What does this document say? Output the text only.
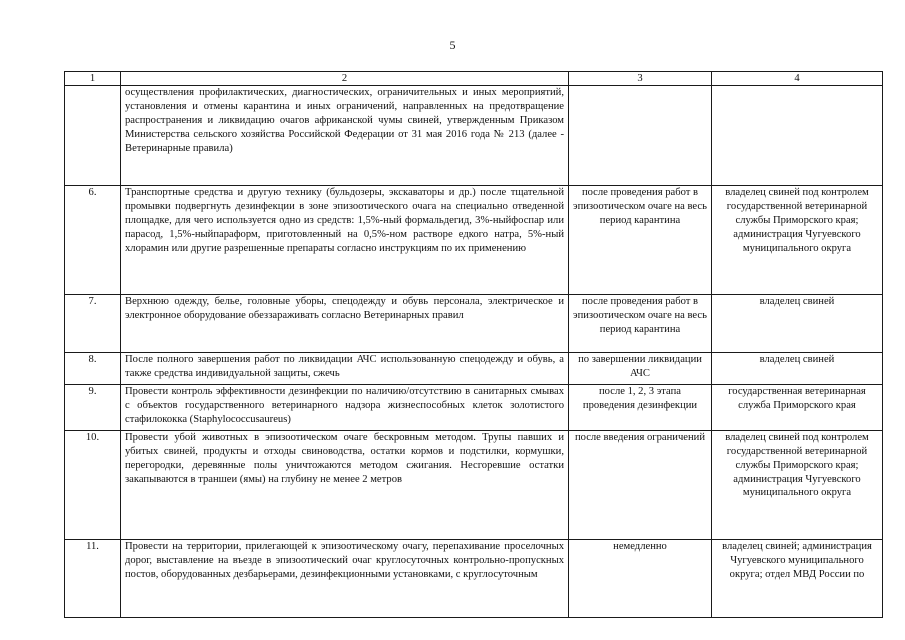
5
1	2	3	4
	осуществления профилактических, диагностических, ограничительных и иных мероприятий, установления и отмены карантина и иных ограничений, направленных на предотвращение распространения и ликвидацию очагов африканской чумы свиней, утвержденным Приказом Министерства сельского хозяйства Российской Федерации от 31 мая 2016 года № 213 (далее - Ветеринарные правила)		
6.	Транспортные средства и другую технику (бульдозеры, экскаваторы и др.) после тщательной промывки подвергнуть дезинфекции в зоне эпизоотического очага на специально отведенной площадке, для чего используется одно из средств: 1,5%-ный формальдегид, 3%-ныйфоспар или парасод, 1,5%-ныйпараформ, приготовленный на 0,5%-ном растворе едкого натра, 5%-ный хлорамин или другие разрешенные препараты согласно инструкциям по их применению	после проведения работ в эпизоотическом очаге на весь период карантина	владелец свиней под контролем государственной ветеринарной службы Приморского края; администрация Чугуевского муниципального округа
7.	Верхнюю одежду, белье, головные уборы, спецодежду и обувь персонала, электрическое и электронное оборудование обеззараживать согласно Ветеринарных правил	после проведения работ в эпизоотическом очаге на весь период карантина	владелец свиней
8.	После полного завершения работ по ликвидации АЧС использованную спецодежду и обувь, а также средства индивидуальной защиты, сжечь	по завершении ликвидации АЧС	владелец свиней
9.	Провести контроль эффективности дезинфекции по наличию/отсутствию в санитарных смывах с объектов государственного ветеринарного надзора жизнеспособных клеток золотистого стафилококка (Staphylococcusaureus)	после 1, 2, 3 этапа проведения дезинфекции	государственная ветеринарная служба Приморского края
10.	Провести убой животных в эпизоотическом очаге бескровным методом. Трупы павших и убитых свиней, продукты и отходы свиноводства, остатки кормов и подстилки, кормушки, перегородки, деревянные полы уничтожаются методом сжигания. Несгоревшие остатки закапываются в траншеи (ямы) на глубину не менее 2 метров	после введения ограничений	владелец свиней под контролем государственной ветеринарной службы Приморского края; администрация Чугуевского муниципального округа
11.	Провести на территории, прилегающей к эпизоотическому очагу, перепахивание проселочных дорог, выставление на въезде в эпизоотический очаг круглосуточных контрольно-пропускных постов, оборудованных дезбарьерами, дезинфекционными установками, с круглосуточным	немедленно	владелец свиней; администрация Чугуевского муниципального округа; отдел МВД России по
